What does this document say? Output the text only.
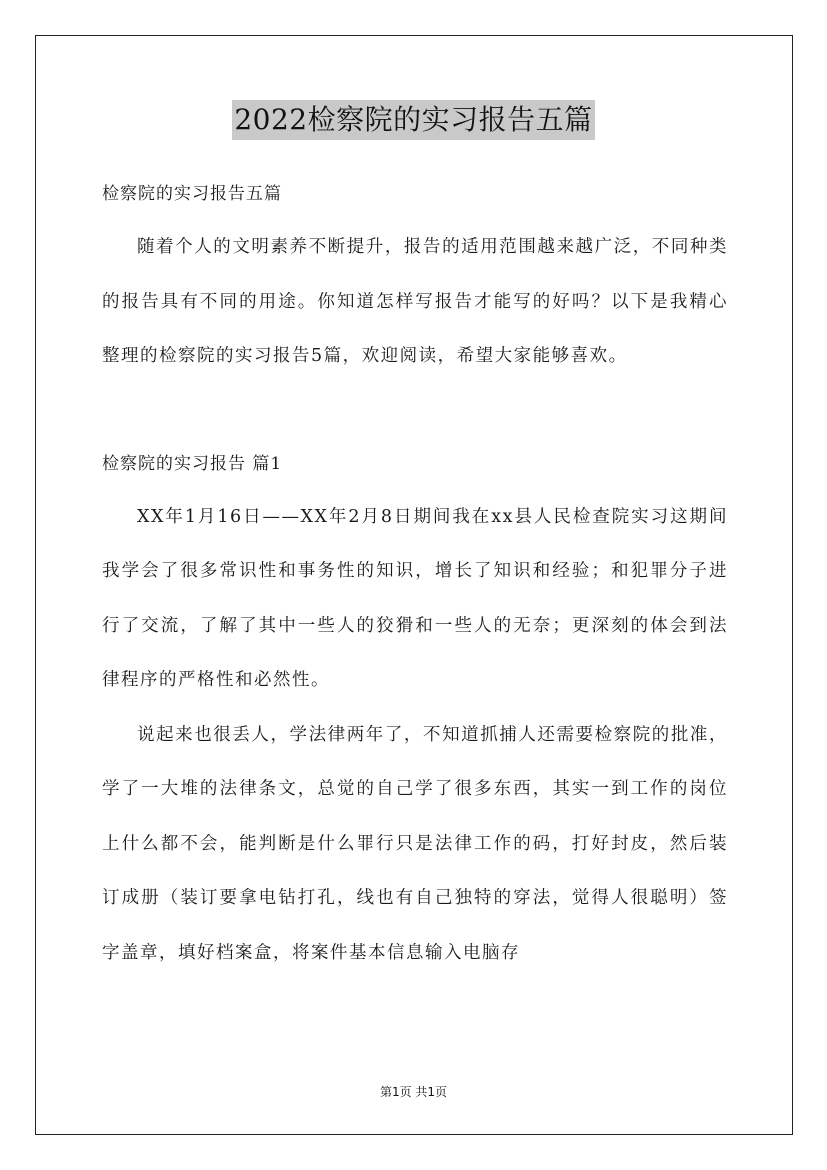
2022检察院的实习报告五篇

检察院的实习报告五篇

随着个人的文明素养不断提升，报告的适用范围越来越广泛，不同种类的报告具有不同的用途。你知道怎样写报告才能写的好吗？以下是我精心整理的检察院的实习报告5篇，欢迎阅读，希望大家能够喜欢。

检察院的实习报告 篇1

XX年1月16日——XX年2月8日期间我在xx县人民检查院实习这期间我学会了很多常识性和事务性的知识，增长了知识和经验；和犯罪分子进行了交流，了解了其中一些人的狡猾和一些人的无奈；更深刻的体会到法律程序的严格性和必然性。

说起来也很丢人，学法律两年了，不知道抓捕人还需要检察院的批准，学了一大堆的法律条文，总觉的自己学了很多东西，其实一到工作的岗位上什么都不会，能判断是什么罪行只是法律工作的码，打好封皮，然后装订成册（装订要拿电钻打孔，线也有自己独特的穿法，觉得人很聪明）签字盖章，填好档案盒，将案件基本信息输入电脑存

第1页 共1页
